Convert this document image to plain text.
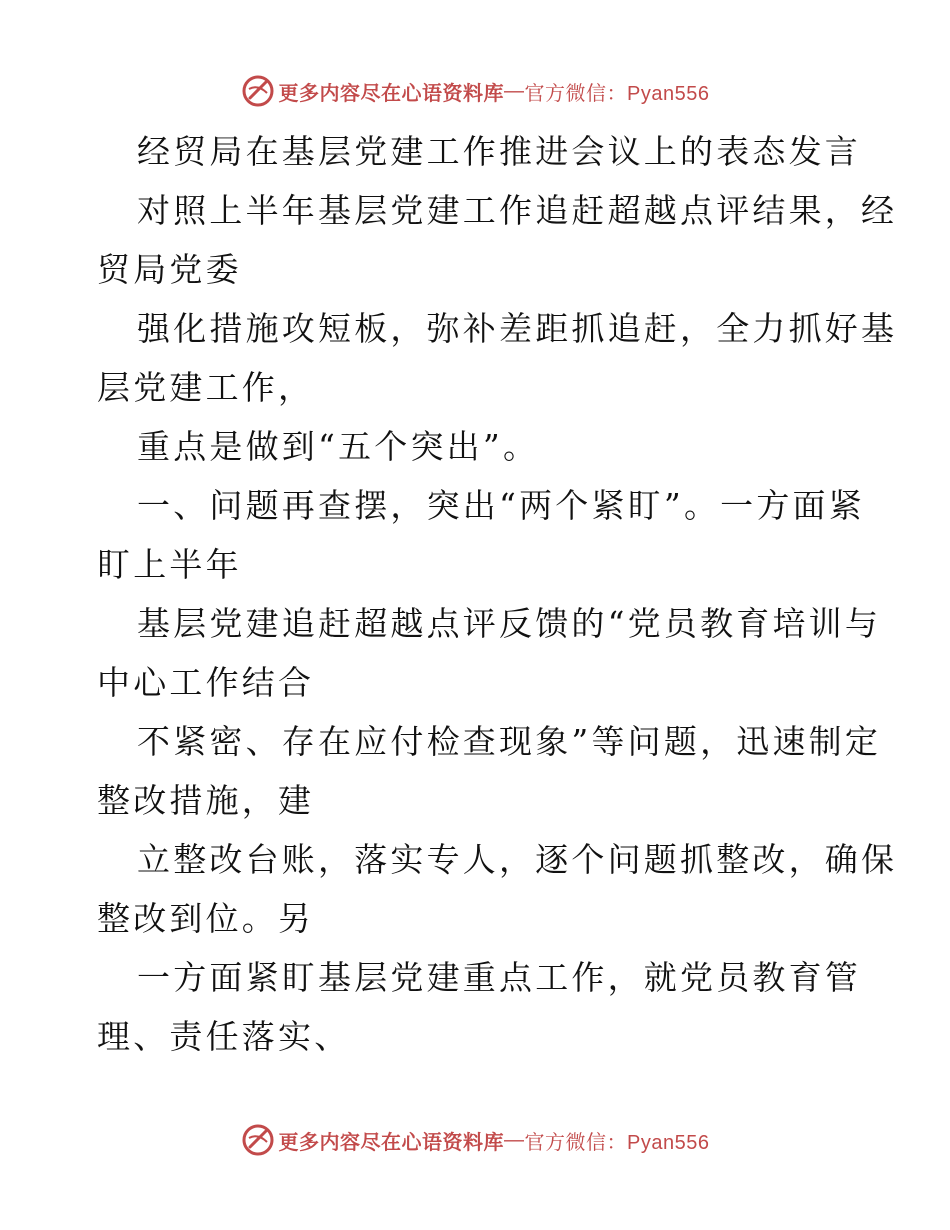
更多内容尽在心语资料库 — 官方微信：Pyan556
经贸局在基层党建工作推进会议上的表态发言
对照上半年基层党建工作追赶超越点评结果，经
贸局党委
强化措施攻短板，弥补差距抓追赶，全力抓好基
层党建工作，
重点是做到“五个突出”。
一、问题再查摆，突出“两个紧盯”。一方面紧
盯上半年
基层党建追赶超越点评反馈的“党员教育培训与
中心工作结合
不紧密、存在应付检查现象”等问题，迅速制定
整改措施，建
立整改台账，落实专人，逐个问题抓整改，确保
整改到位。另
一方面紧盯基层党建重点工作，就党员教育管
理、责任落实、
更多内容尽在心语资料库 — 官方微信：Pyan556
